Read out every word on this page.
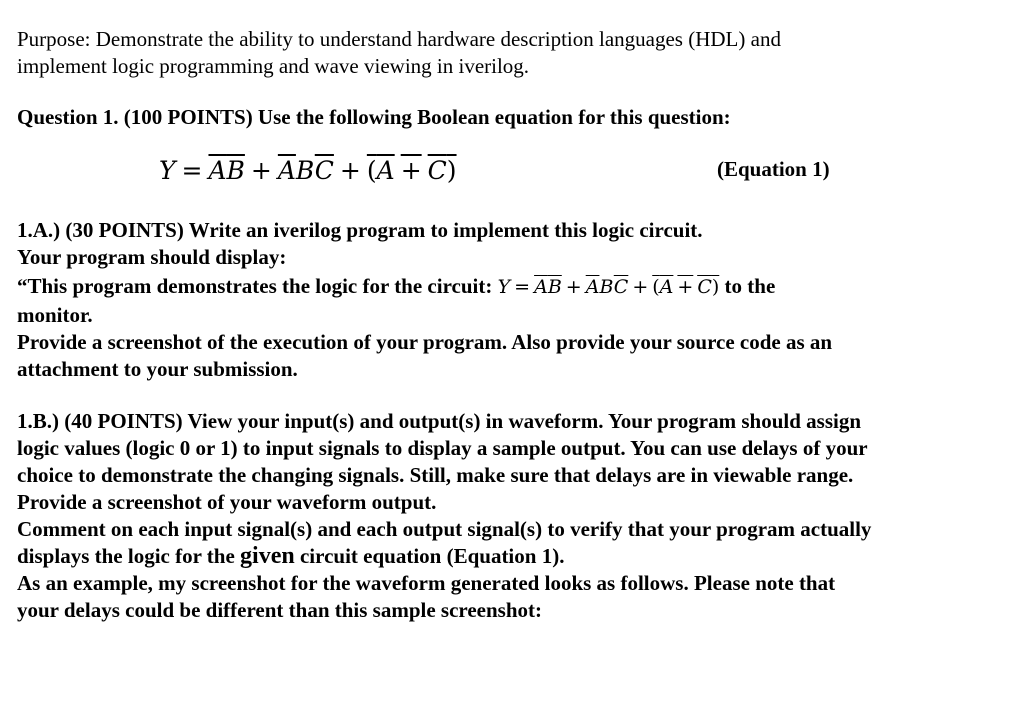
Purpose: Demonstrate the ability to understand hardware description languages (HDL) and
implement logic programming and wave viewing in iverilog.
Question 1. (100 POINTS) Use the following Boolean equation for this question:
$Y = \overline{A}\overline{B} + \overline{A}B\overline{C} + (A + C)$	(Equation 1)
1.A.) (30 POINTS) Write an iverilog program to implement this logic circuit.
Your program should display:
“This program demonstrates the logic for the circuit: $Y = \overline{A}\overline{B} + \overline{A}B\overline{C} + (A + C)$ to the
monitor.
Provide a screenshot of the execution of your program. Also provide your source code as an
attachment to your submission.
1.B.) (40 POINTS) View your input(s) and output(s) in waveform. Your program should assign
logic values (logic 0 or 1) to input signals to display a sample output. You can use delays of your
choice to demonstrate the changing signals. Still, make sure that delays are in viewable range.
Provide a screenshot of your waveform output.
Comment on each input signal(s) and each output signal(s) to verify that your program actually
displays the logic for the given circuit equation (Equation 1).
As an example, my screenshot for the waveform generated looks as follows. Please note that
your delays could be different than this sample screenshot:
